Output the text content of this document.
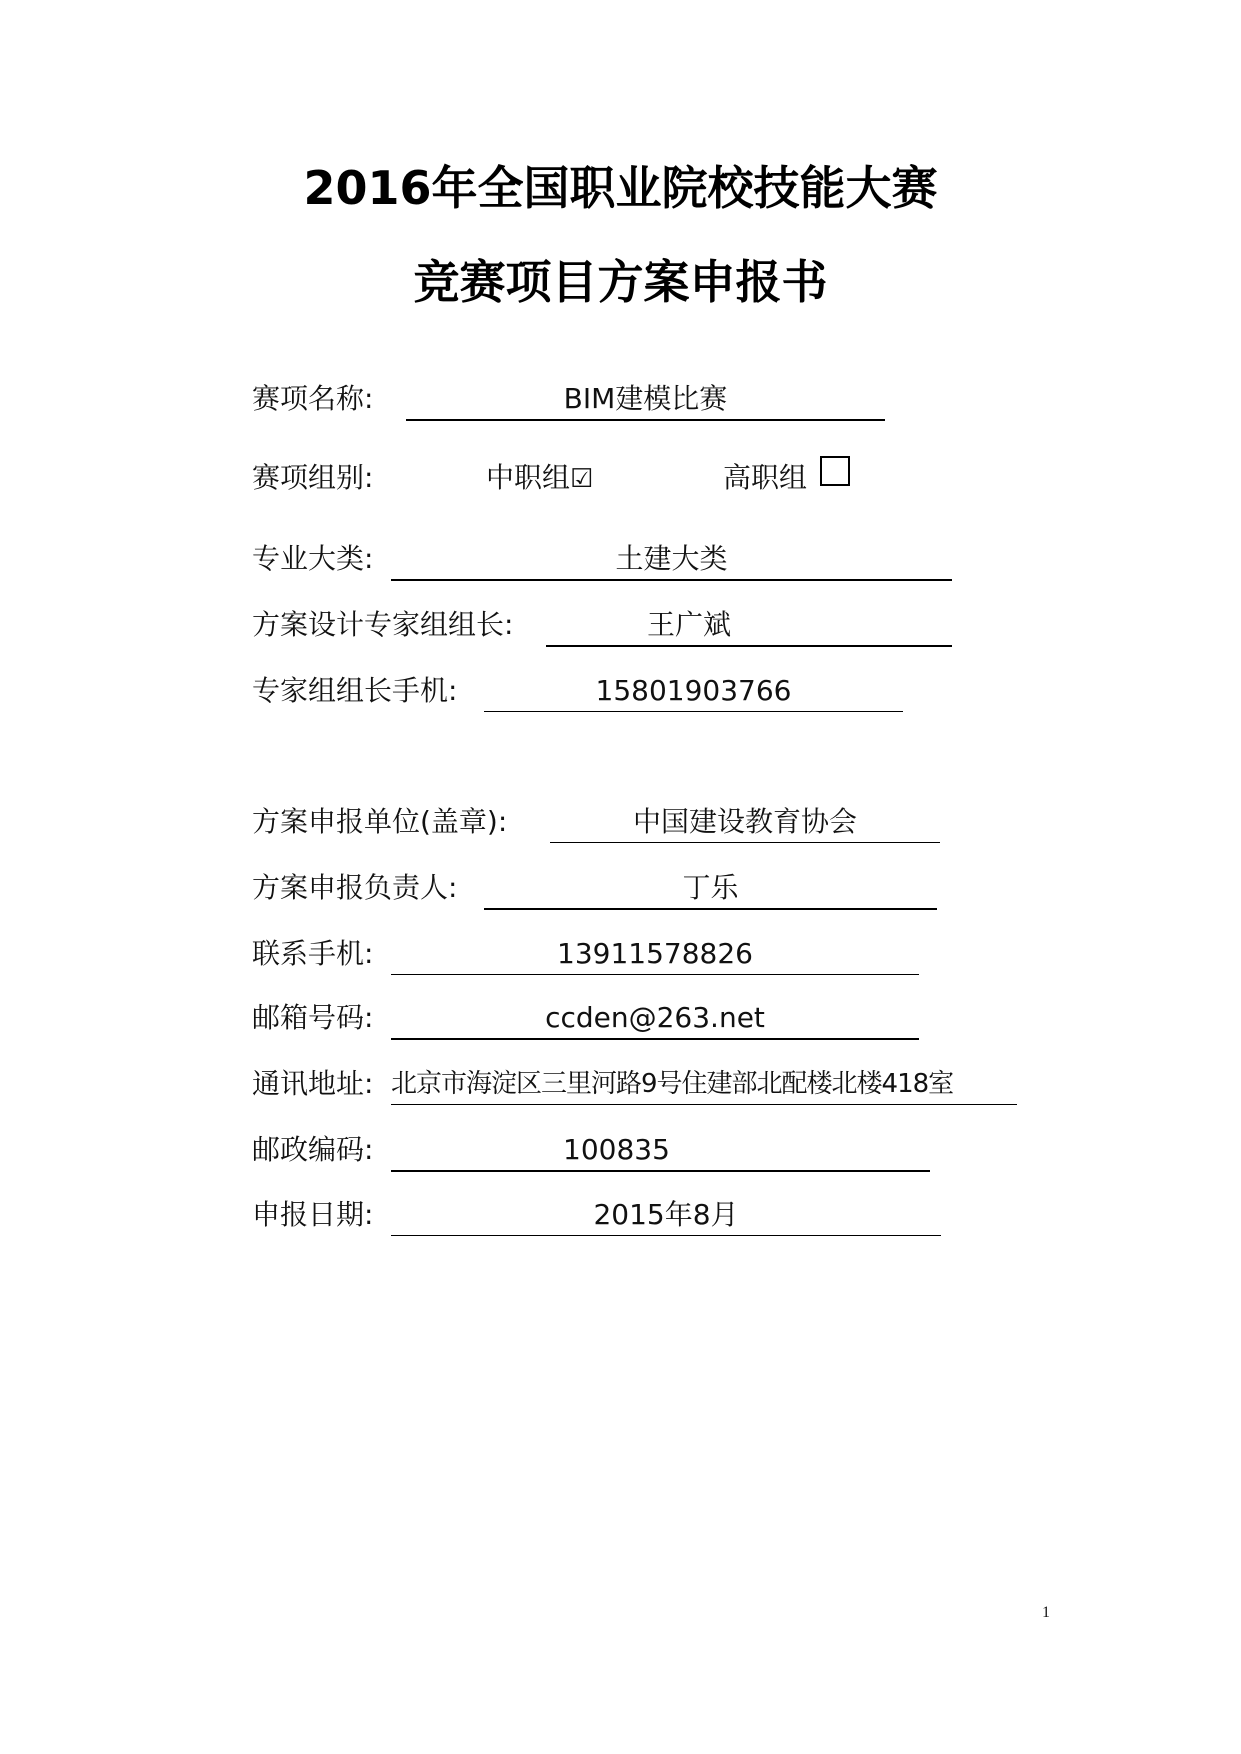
2016年全国职业院校技能大赛
竞赛项目方案申报书
赛项名称:	BIM建模比赛
赛项组别:	中职组☑	高职组
专业大类:	土建大类
方案设计专家组组长:	王广斌
专家组组长手机:	15801903766
方案申报单位(盖章):	中国建设教育协会
方案申报负责人:	丁乐
联系手机:	13911578826
邮箱号码:	ccden@263.net
通讯地址: 北京市海淀区三里河路9号住建部北配楼北楼418室
邮政编码:	100835
申报日期:	2015年8月
1
